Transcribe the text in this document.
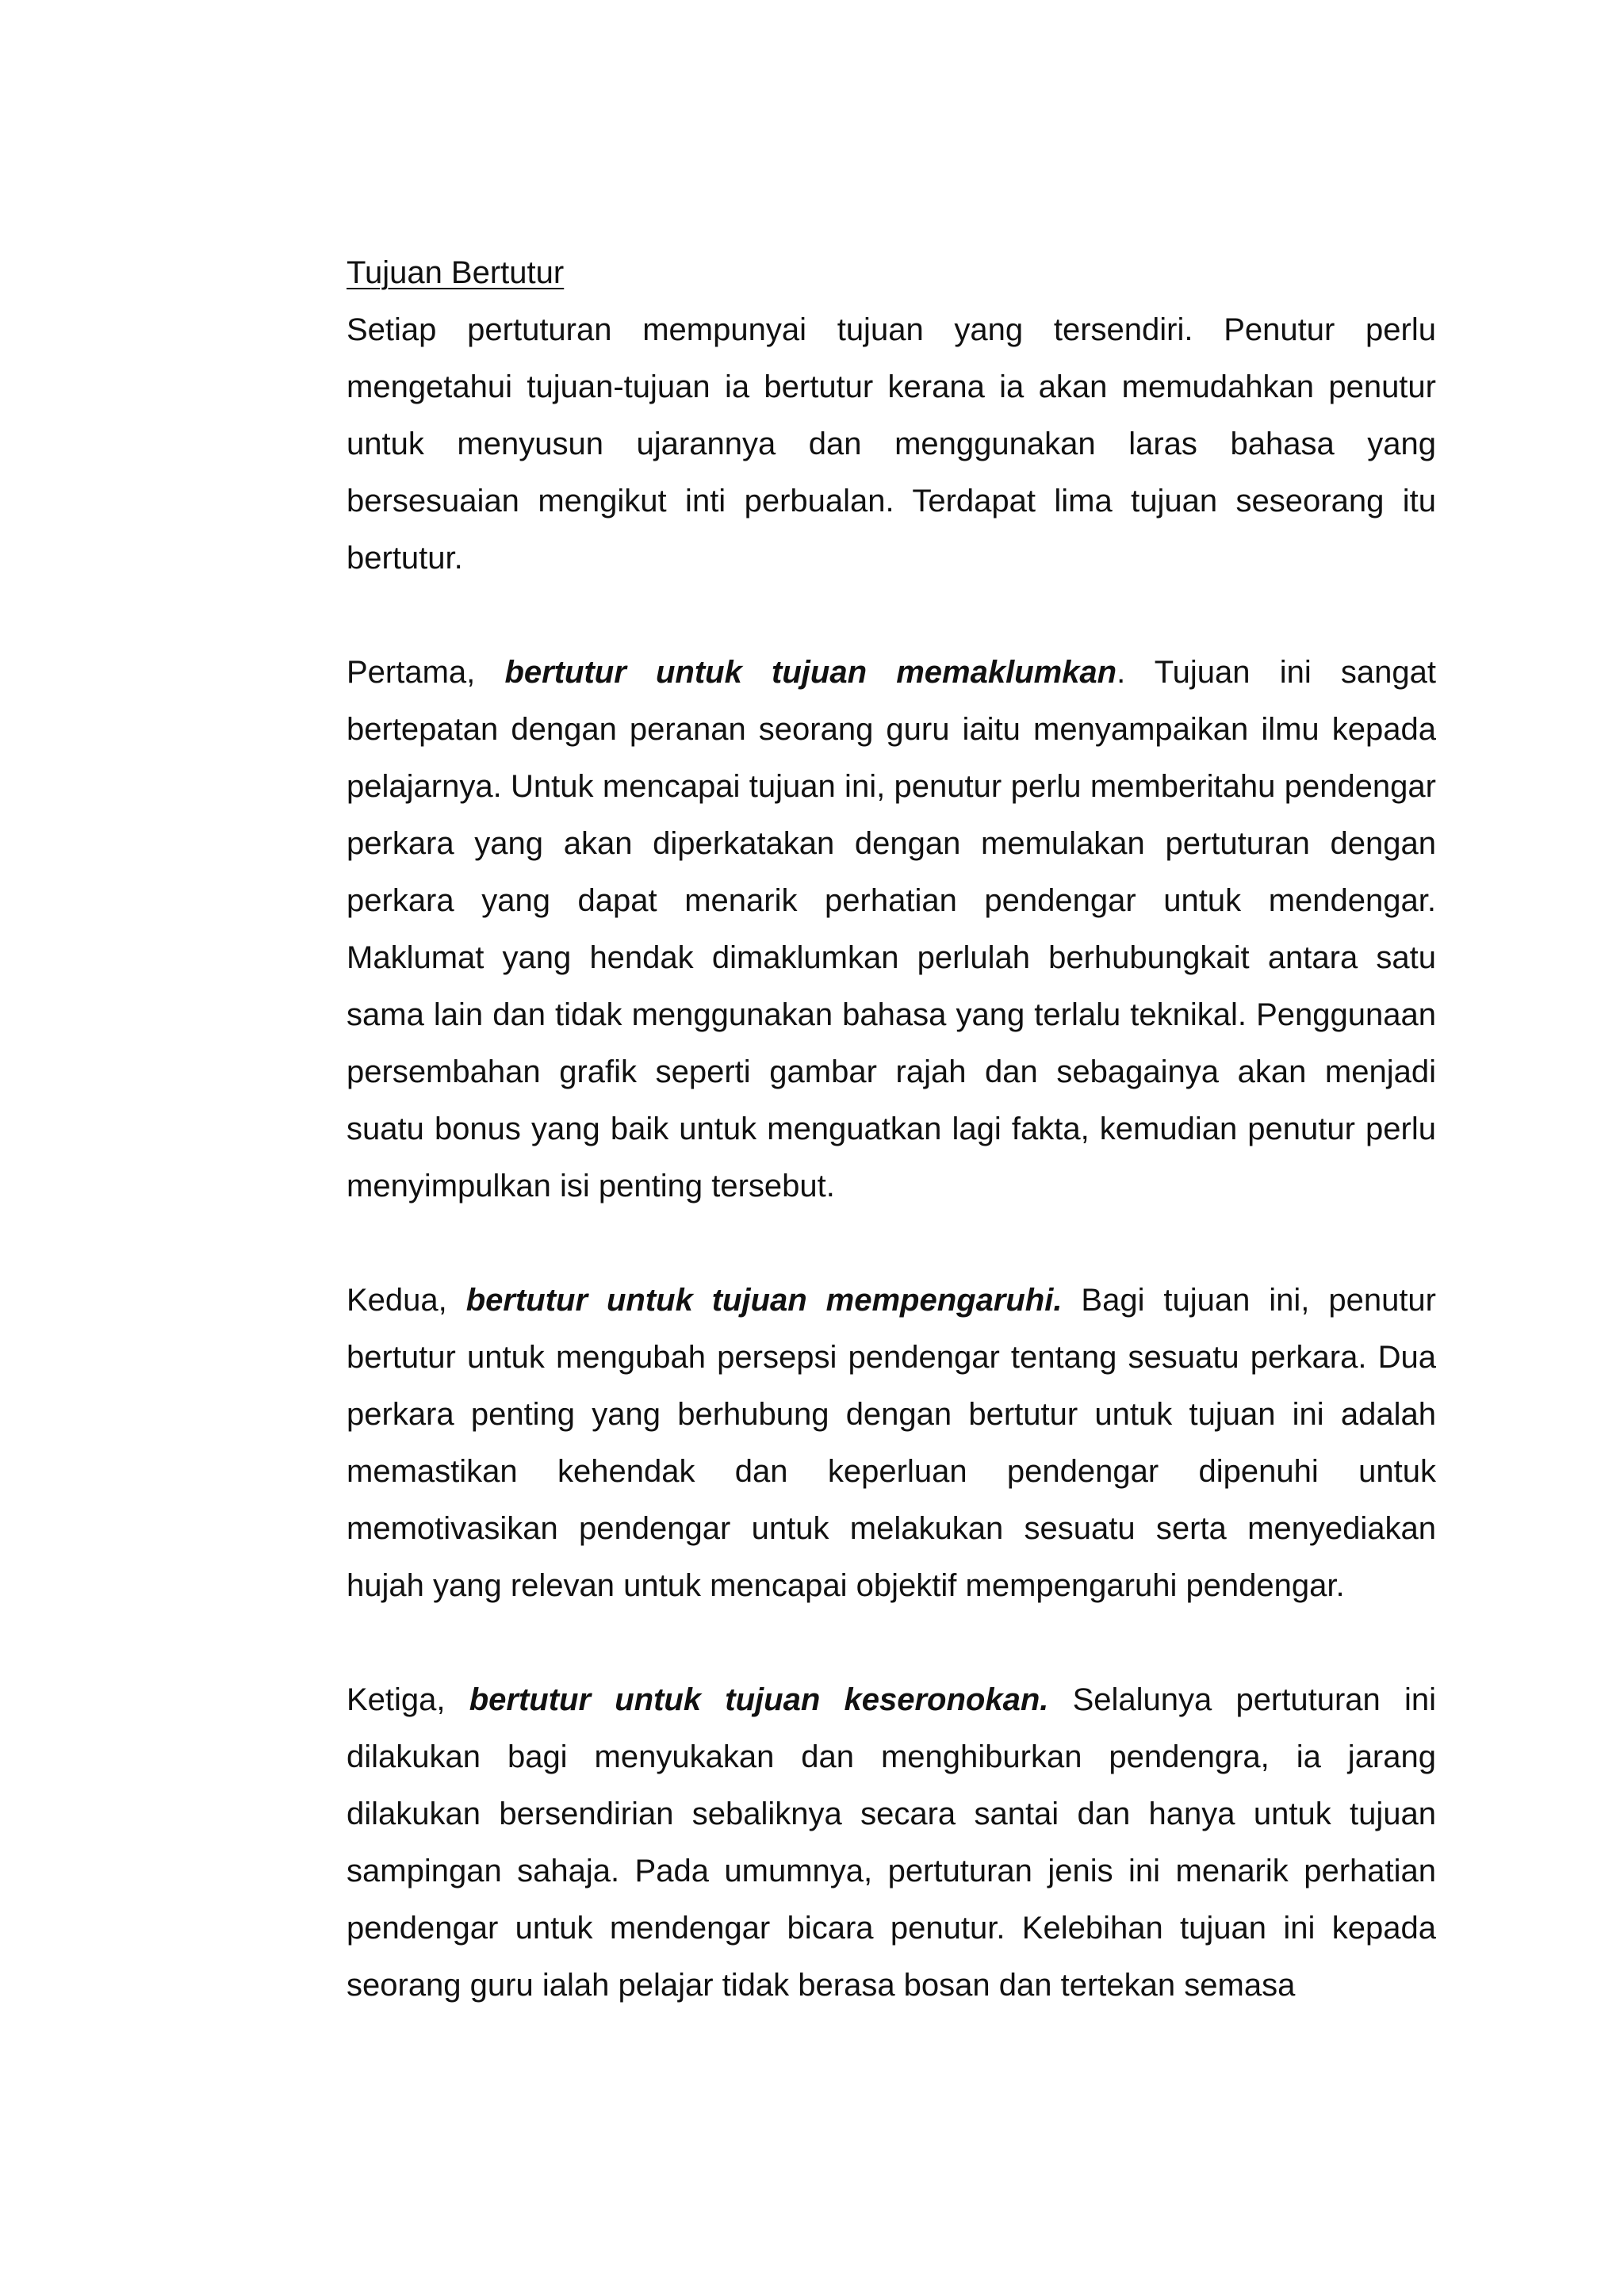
Tujuan Bertutur

Setiap pertuturan mempunyai tujuan yang tersendiri. Penutur perlu mengetahui tujuan-tujuan ia bertutur kerana ia akan memudahkan penutur untuk menyusun ujarannya dan menggunakan laras bahasa yang bersesuaian mengikut inti perbualan. Terdapat lima tujuan seseorang itu bertutur.

Pertama, bertutur untuk tujuan memaklumkan. Tujuan ini sangat bertepatan dengan peranan seorang guru iaitu menyampaikan ilmu kepada pelajarnya. Untuk mencapai tujuan ini, penutur perlu memberitahu pendengar perkara yang akan diperkatakan dengan memulakan pertuturan dengan perkara yang dapat menarik perhatian pendengar untuk mendengar. Maklumat yang hendak dimaklumkan perlulah berhubungkait antara satu sama lain dan tidak menggunakan bahasa yang terlalu teknikal. Penggunaan persembahan grafik seperti gambar rajah dan sebagainya akan menjadi suatu bonus yang baik untuk menguatkan lagi fakta, kemudian penutur perlu menyimpulkan isi penting tersebut.

Kedua, bertutur untuk tujuan mempengaruhi. Bagi tujuan ini, penutur bertutur untuk mengubah persepsi pendengar tentang sesuatu perkara. Dua perkara penting yang berhubung dengan bertutur untuk tujuan ini adalah memastikan kehendak dan keperluan pendengar dipenuhi untuk memotivasikan pendengar untuk melakukan sesuatu serta menyediakan hujah yang relevan untuk mencapai objektif mempengaruhi pendengar.

Ketiga, bertutur untuk tujuan keseronokan. Selalunya pertuturan ini dilakukan bagi menyukakan dan menghiburkan pendengra, ia jarang dilakukan bersendirian sebaliknya secara santai dan hanya untuk tujuan sampingan sahaja. Pada umumnya, pertuturan jenis ini menarik perhatian pendengar untuk mendengar bicara penutur. Kelebihan tujuan ini kepada seorang guru ialah pelajar tidak berasa bosan dan tertekan semasa
